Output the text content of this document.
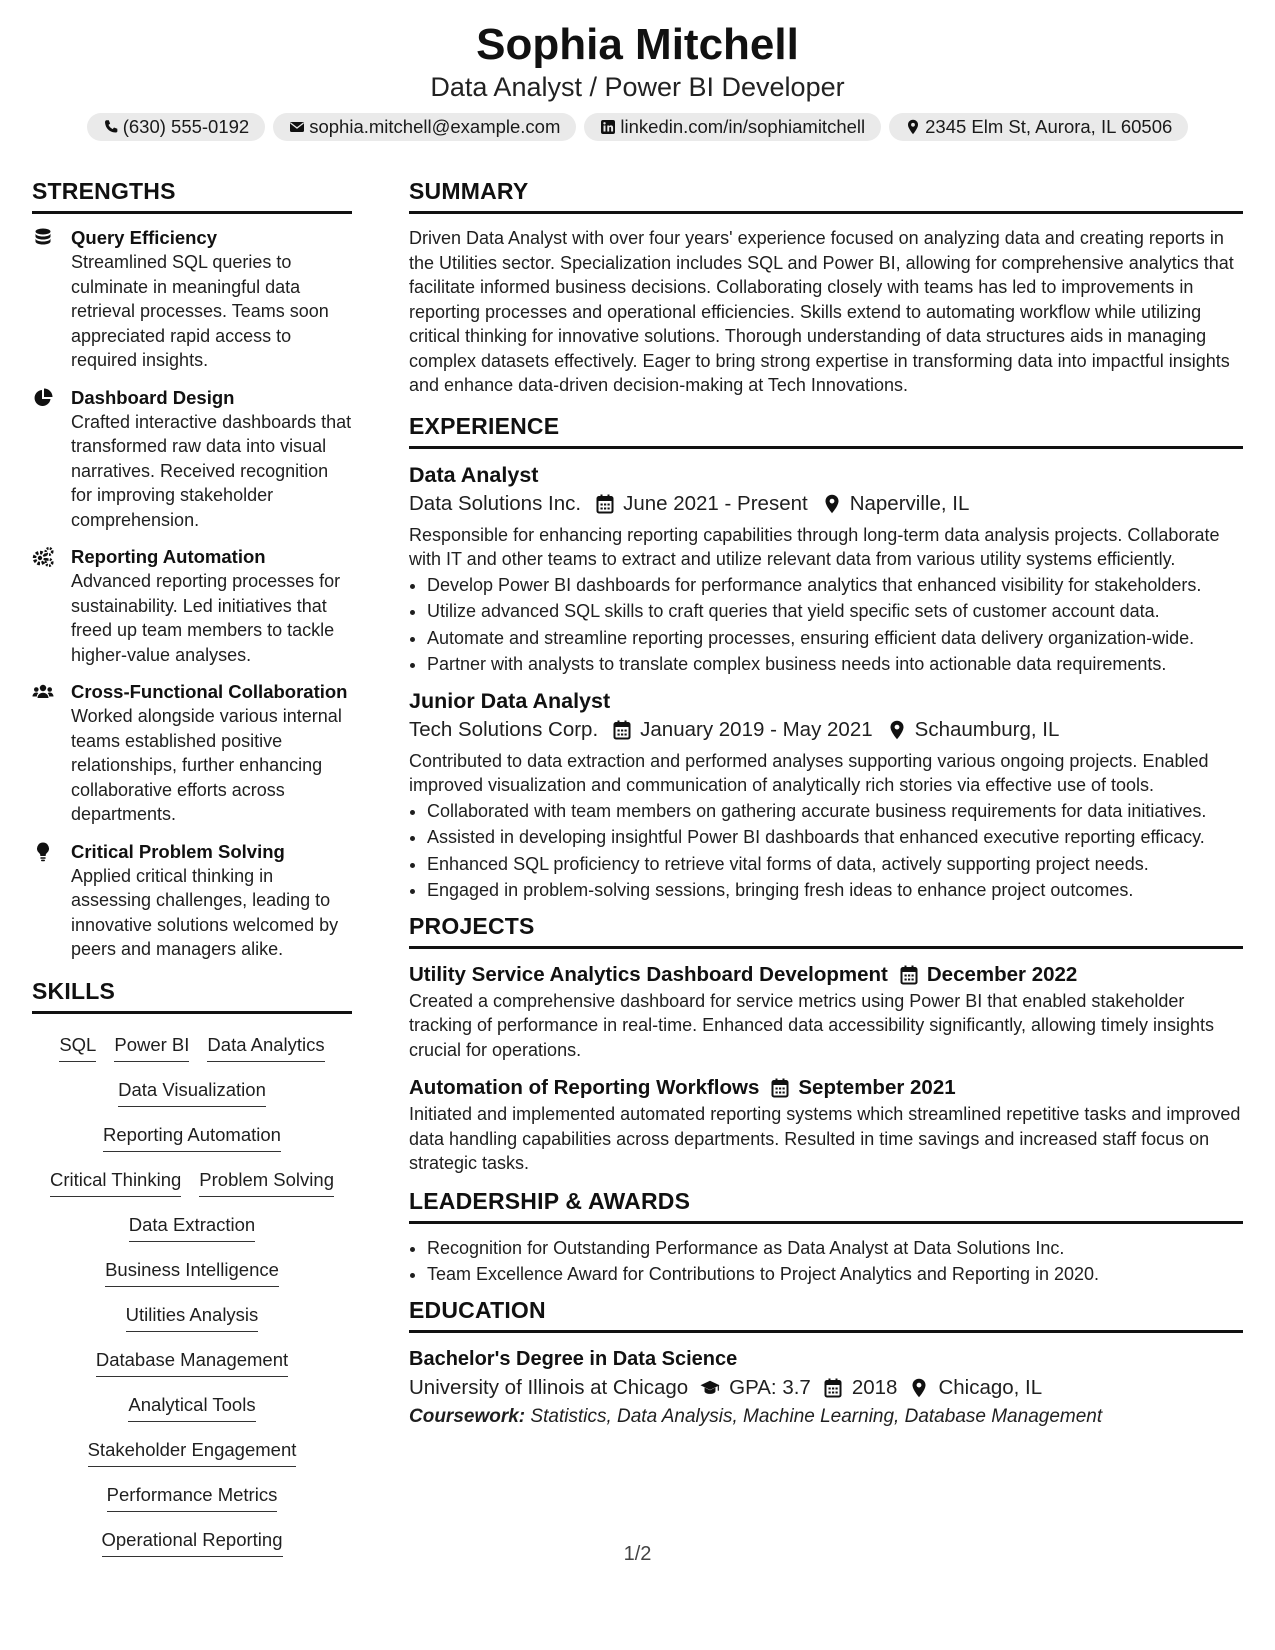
Sophia Mitchell
Data Analyst / Power BI Developer
(630) 555-0192	sophia.mitchell@example.com	linkedin.com/in/sophiamitchell	2345 Elm St, Aurora, IL 60506
STRENGTHS
Query Efficiency
Streamlined SQL queries to culminate in meaningful data retrieval processes. Teams soon appreciated rapid access to required insights.
Dashboard Design
Crafted interactive dashboards that transformed raw data into visual narratives. Received recognition for improving stakeholder comprehension.
Reporting Automation
Advanced reporting processes for sustainability. Led initiatives that freed up team members to tackle higher-value analyses.
Cross-Functional Collaboration
Worked alongside various internal teams established positive relationships, further enhancing collaborative efforts across departments.
Critical Problem Solving
Applied critical thinking in assessing challenges, leading to innovative solutions welcomed by peers and managers alike.
SKILLS
SQL Power BI Data Analytics
Data Visualization
Reporting Automation
Critical Thinking Problem Solving
Data Extraction
Business Intelligence
Utilities Analysis
Database Management
Analytical Tools
Stakeholder Engagement
Performance Metrics
Operational Reporting
SUMMARY
Driven Data Analyst with over four years' experience focused on analyzing data and creating reports in the Utilities sector. Specialization includes SQL and Power BI, allowing for comprehensive analytics that facilitate informed business decisions. Collaborating closely with teams has led to improvements in reporting processes and operational efficiencies. Skills extend to automating workflow while utilizing critical thinking for innovative solutions. Thorough understanding of data structures aids in managing complex datasets effectively. Eager to bring strong expertise in transforming data into impactful insights and enhance data-driven decision-making at Tech Innovations.
EXPERIENCE
Data Analyst
Data Solutions Inc. June 2021 - Present Naperville, IL
Responsible for enhancing reporting capabilities through long-term data analysis projects. Collaborate with IT and other teams to extract and utilize relevant data from various utility systems efficiently.
• Develop Power BI dashboards for performance analytics that enhanced visibility for stakeholders.
• Utilize advanced SQL skills to craft queries that yield specific sets of customer account data.
• Automate and streamline reporting processes, ensuring efficient data delivery organization-wide.
• Partner with analysts to translate complex business needs into actionable data requirements.
Junior Data Analyst
Tech Solutions Corp. January 2019 - May 2021 Schaumburg, IL
Contributed to data extraction and performed analyses supporting various ongoing projects. Enabled improved visualization and communication of analytically rich stories via effective use of tools.
• Collaborated with team members on gathering accurate business requirements for data initiatives.
• Assisted in developing insightful Power BI dashboards that enhanced executive reporting efficacy.
• Enhanced SQL proficiency to retrieve vital forms of data, actively supporting project needs.
• Engaged in problem-solving sessions, bringing fresh ideas to enhance project outcomes.
PROJECTS
Utility Service Analytics Dashboard Development December 2022
Created a comprehensive dashboard for service metrics using Power BI that enabled stakeholder tracking of performance in real-time. Enhanced data accessibility significantly, allowing timely insights crucial for operations.
Automation of Reporting Workflows September 2021
Initiated and implemented automated reporting systems which streamlined repetitive tasks and improved data handling capabilities across departments. Resulted in time savings and increased staff focus on strategic tasks.
LEADERSHIP & AWARDS
• Recognition for Outstanding Performance as Data Analyst at Data Solutions Inc.
• Team Excellence Award for Contributions to Project Analytics and Reporting in 2020.
EDUCATION
Bachelor's Degree in Data Science
University of Illinois at Chicago GPA: 3.7 2018 Chicago, IL
Coursework: Statistics, Data Analysis, Machine Learning, Database Management
1/2
